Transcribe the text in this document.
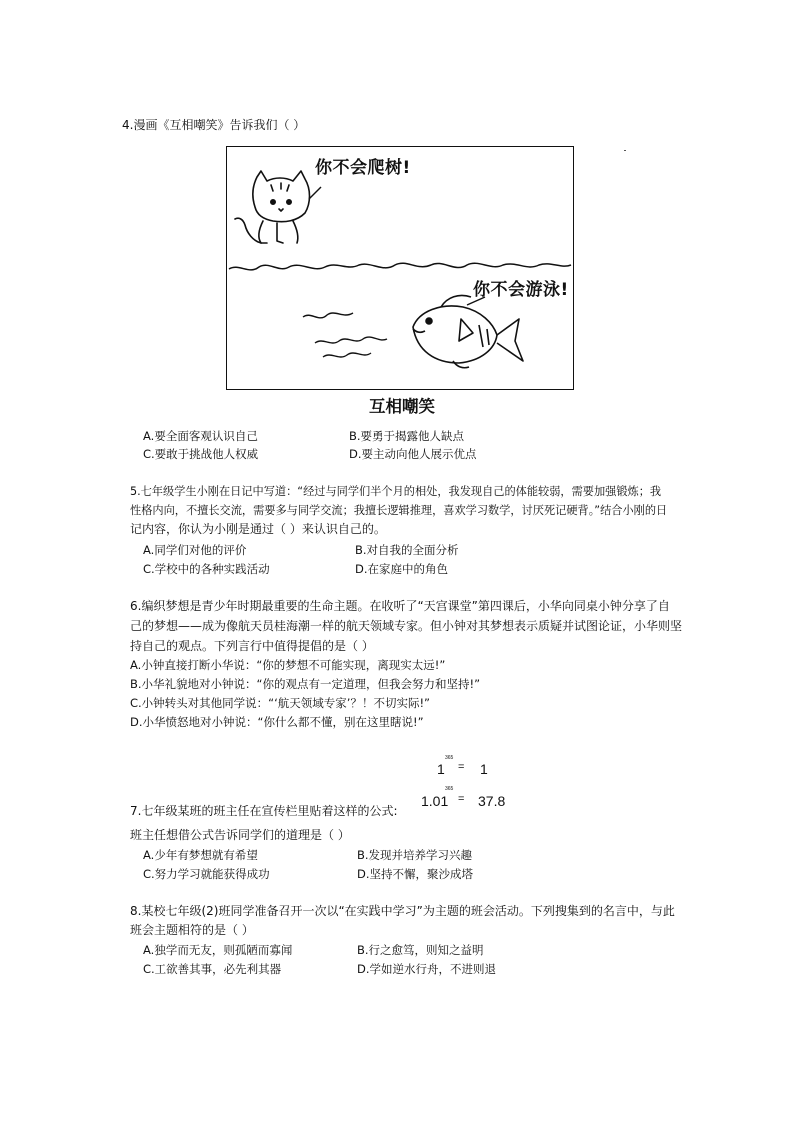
4.漫画《互相嘲笑》告诉我们（ ）
你不会爬树!
你不会游泳!
互相嘲笑
A.要全面客观认识自己	B.要勇于揭露他人缺点
C.要敢于挑战他人权威	D.要主动向他人展示优点
5.七年级学生小刚在日记中写道：“经过与同学们半个月的相处，我发现自己的体能较弱，需要加强锻炼；我
性格内向，不擅长交流，需要多与同学交流；我擅长逻辑推理，喜欢学习数学，讨厌死记硬背。”结合小刚的日
记内容，你认为小刚是通过（ ）来认识自己的。
A.同学们对他的评价	B.对自我的全面分析
C.学校中的各种实践活动	D.在家庭中的角色
6.编织梦想是青少年时期最重要的生命主题。在收听了“天宫课堂”第四课后，小华向同桌小钟分享了自
己的梦想——成为像航天员桂海潮一样的航天领域专家。但小钟对其梦想表示质疑并试图论证，小华则坚
持自己的观点。下列言行中值得提倡的是（ ）
A.小钟直接打断小华说：“你的梦想不可能实现，离现实太远!”
B.小华礼貌地对小钟说：“你的观点有一定道理，但我会努力和坚持!”
C.小钟转头对其他同学说：“‘航天领域专家’？！不切实际!”
D.小华愤怒地对小钟说：“你什么都不懂，别在这里瞎说!”
365
1 = 1
365
1.01 = 37.8
7.七年级某班的班主任在宣传栏里贴着这样的公式:
班主任想借公式告诉同学们的道理是（ ）
A.少年有梦想就有希望	B.发现并培养学习兴趣
C.努力学习就能获得成功	D.坚持不懈，聚沙成塔
8.某校七年级(2)班同学准备召开一次以“在实践中学习”为主题的班会活动。下列搜集到的名言中，与此
班会主题相符的是（ ）
A.独学而无友，则孤陋而寡闻	B.行之愈笃，则知之益明
C.工欲善其事，必先利其器	D.学如逆水行舟，不进则退
